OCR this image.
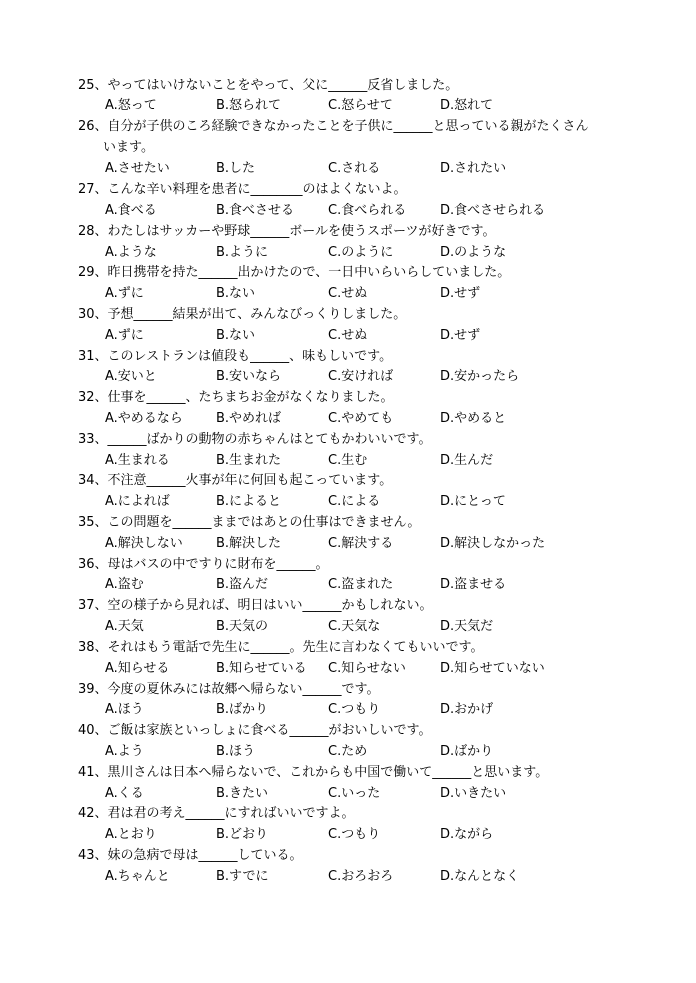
25、やってはいけないことをやって、父に______反省しました。
A.怒って	B.怒られて	C.怒らせて	D.怒れて
26、自分が子供のころ経験できなかったことを子供に______と思っている親がたくさん
います。
A.させたい	B.した	C.される	D.されたい
27、こんな辛い料理を患者に________のはよくないよ。
A.食べる	B.食べさせる	C.食べられる	D.食べさせられる
28、わたしはサッカーや野球______ボールを使うスポーツが好きです。
A.ような	B.ように	C.のように	D.のような
29、昨日携帯を持た______出かけたので、一日中いらいらしていました。
A.ずに	B.ない	C.せぬ	D.せず
30、予想______結果が出て、みんなびっくりしました。
A.ずに	B.ない	C.せぬ	D.せず
31、このレストランは値段も______、味もしいです。
A.安いと	B.安いなら	C.安ければ	D.安かったら
32、仕事を______、たちまちお金がなくなりました。
A.やめるなら	B.やめれば	C.やめても	D.やめると
33、______ばかりの動物の赤ちゃんはとてもかわいいです。
A.生まれる	B.生まれた	C.生む	D.生んだ
34、不注意______火事が年に何回も起こっています。
A.によれば	B.によると	C.による	D.にとって
35、この問題を______ままではあとの仕事はできません。
A.解決しない	B.解決した	C.解決する	D.解決しなかった
36、母はバスの中ですりに財布を______。
A.盗む	B.盗んだ	C.盗まれた	D.盗ませる
37、空の様子から見れば、明日はいい______かもしれない。
A.天気	B.天気の	C.天気な	D.天気だ
38、それはもう電話で先生に______。先生に言わなくてもいいです。
A.知らせる	B.知らせている C.知らせない	D.知らせていない
39、今度の夏休みには故郷へ帰らない______です。
A.ほう	B.ばかり	C.つもり	D.おかげ
40、ご飯は家族といっしょに食べる______がおいしいです。
A.よう	B.ほう	C.ため	D.ばかり
41、黒川さんは日本へ帰らないで、これからも中国で働いて______と思います。
A.くる	B.きたい	C.いった	D.いきたい
42、君は君の考え______にすればいいですよ。
A.とおり	B.どおり	C.つもり	D.ながら
43、妹の急病で母は______している。
A.ちゃんと	B.すでに	C.おろおろ	D.なんとなく
